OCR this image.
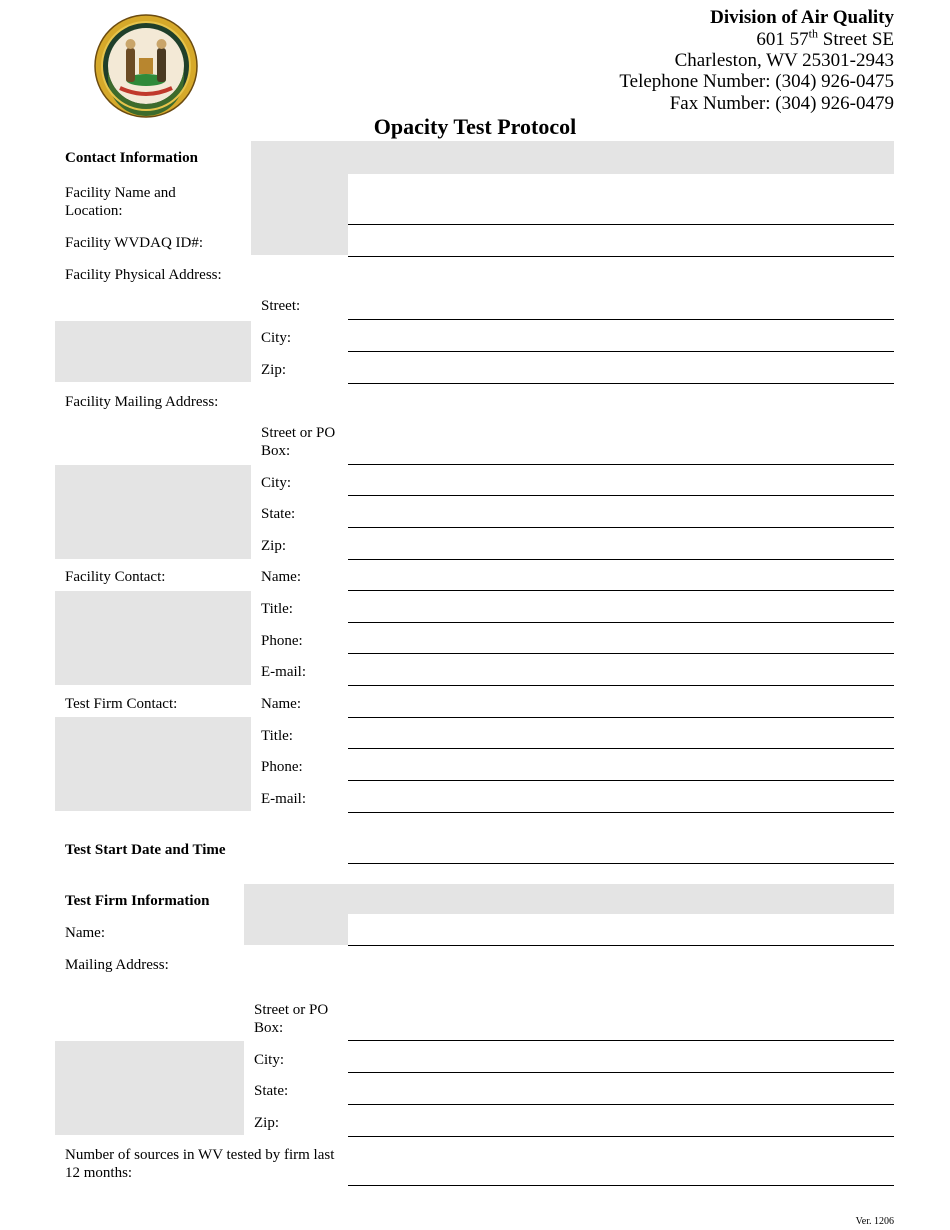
Division of Air Quality
601 57th Street SE
Charleston, WV 25301-2943
Telephone Number: (304) 926-0475
Fax Number: (304) 926-0479
Opacity Test Protocol
Contact Information
Facility Name and Location:
Facility WVDAQ ID#:
Facility Physical Address:
Street:
City:
Zip:
Facility Mailing Address:
Street or PO Box:
City:
State:
Zip:
Facility Contact:	Name:
Title:
Phone:
E-mail:
Test Firm Contact:	Name:
Title:
Phone:
E-mail:
Test Start Date and Time
Test Firm Information
Name:
Mailing Address:
Street or PO Box:
City:
State:
Zip:
Number of sources in WV tested by firm last 12 months:
Ver. 1206
